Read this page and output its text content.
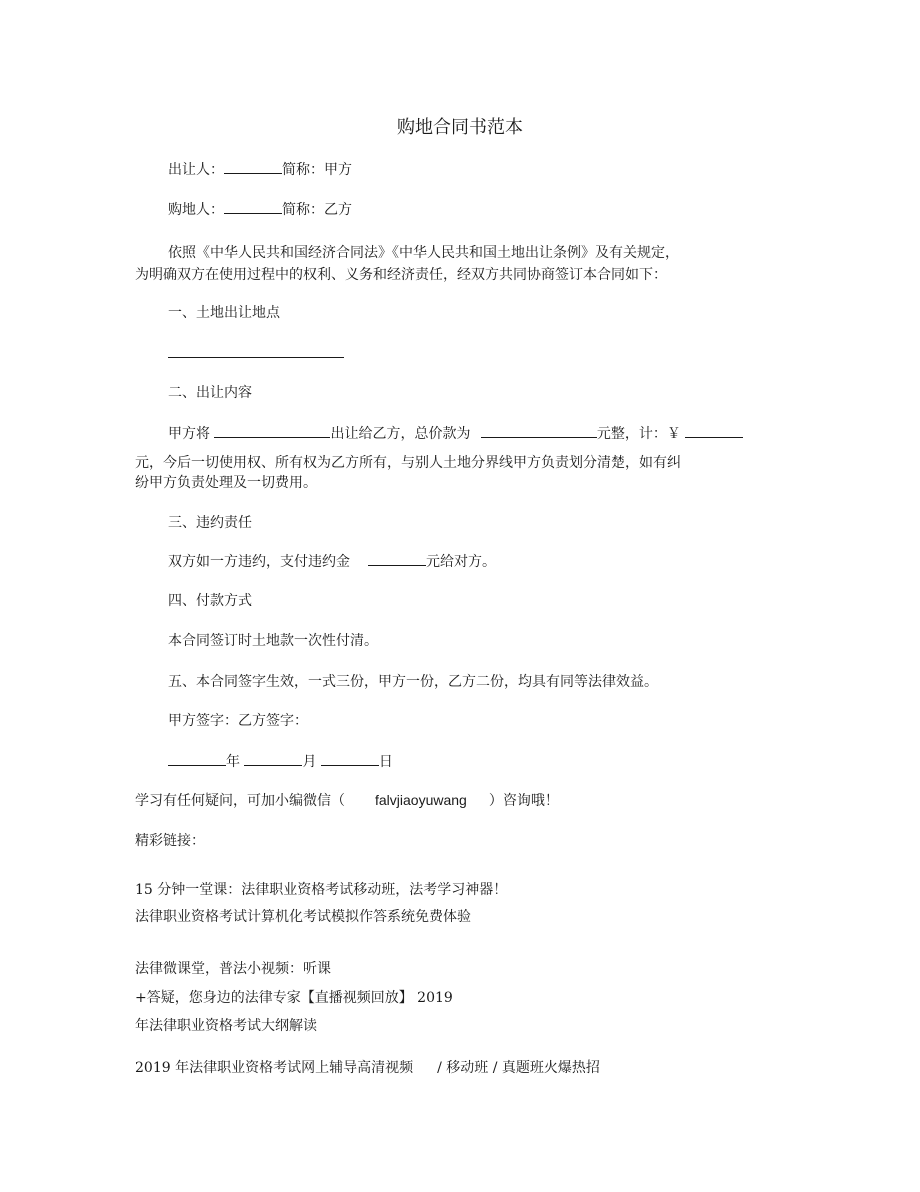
购地合同书范本
出让人：	简称：甲方
购地人：	简称：乙方
依照《中华人民共和国经济合同法》《中华人民共和国土地出让条例》及有关规定，
为明确双方在使用过程中的权利、义务和经济责任，经双方共同协商签订本合同如下：
一、土地出让地点
二、出让内容
甲方将	出让给乙方，总价款为	元整，计：￥
元，今后一切使用权、所有权为乙方所有，与别人土地分界线甲方负责划分清楚，如有纠
纷甲方负责处理及一切费用。
三、违约责任
双方如一方违约，支付违约金	元给对方。
四、付款方式
本合同签订时土地款一次性付清。
五、本合同签字生效，一式三份，甲方一份，乙方二份，均具有同等法律效益。
甲方签字：乙方签字：
年	月	日
学习有任何疑问，可加小编微信（ falvjiaoyuwang ）咨询哦！
精彩链接：
15 分钟一堂课：法律职业资格考试移动班，法考学习神器！
法律职业资格考试计算机化考试模拟作答系统免费体验
法律微课堂，普法小视频：听课
+答疑，您身边的法律专家【直播视频回放】 2019
年法律职业资格考试大纲解读
2019 年法律职业资格考试网上辅导高清视频 / 移动班 / 真题班火爆热招
